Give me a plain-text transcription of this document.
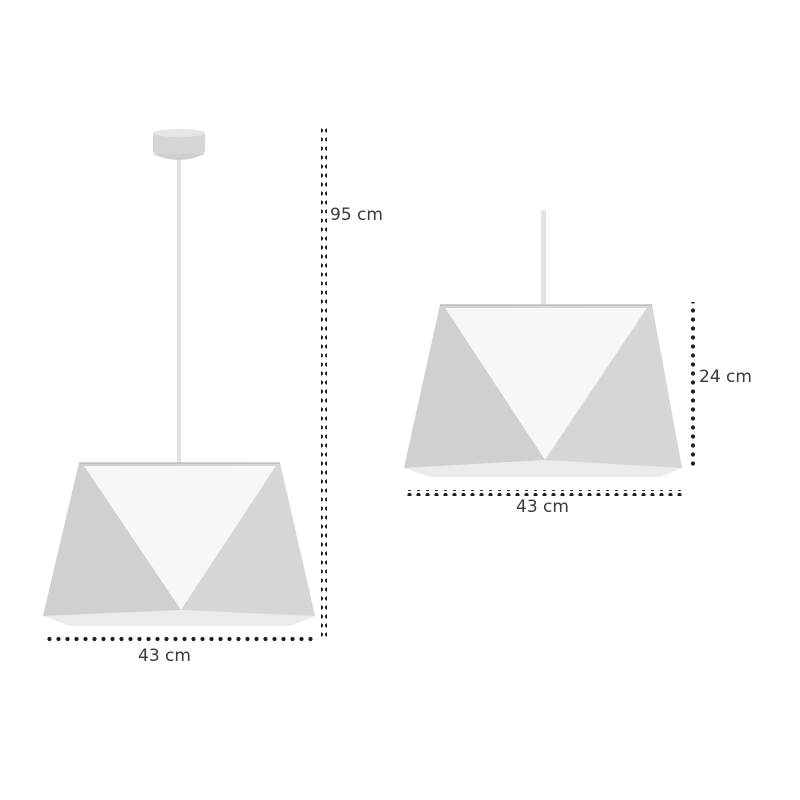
95 cm
43 cm
24 cm
43 cm
